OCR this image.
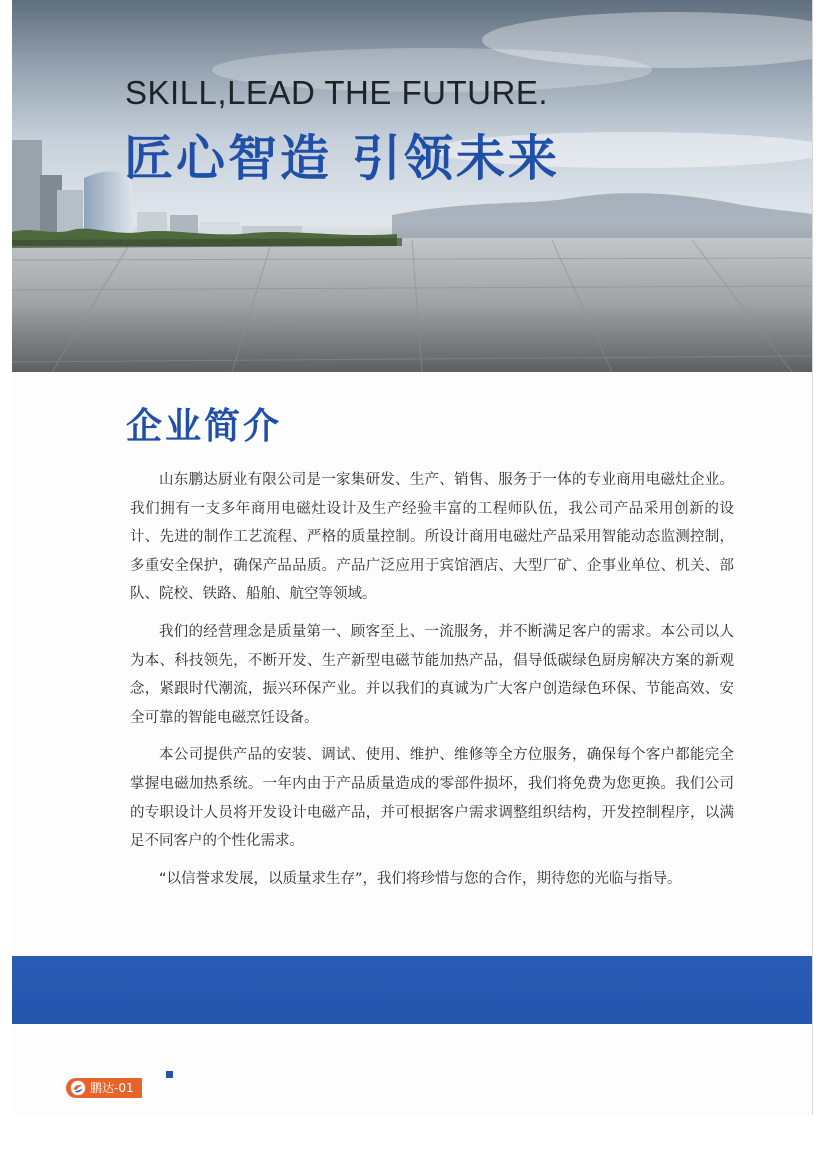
SKILL,LEAD THE FUTURE.
匠心智造 引领未来
企业简介

山东鹏达厨业有限公司是一家集研发、生产、销售、服务于一体的专业商用电磁灶企业。我们拥有一支多年商用电磁灶设计及生产经验丰富的工程师队伍，我公司产品采用创新的设计、先进的制作工艺流程、严格的质量控制。所设计商用电磁灶产品采用智能动态监测控制，多重安全保护，确保产品品质。产品广泛应用于宾馆酒店、大型厂矿、企事业单位、机关、部队、院校、铁路、船舶、航空等领域。

我们的经营理念是质量第一、顾客至上、一流服务，并不断满足客户的需求。本公司以人为本、科技领先，不断开发、生产新型电磁节能加热产品，倡导低碳绿色厨房解决方案的新观念，紧跟时代潮流，振兴环保产业。并以我们的真诚为广大客户创造绿色环保、节能高效、安全可靠的智能电磁烹饪设备。

本公司提供产品的安装、调试、使用、维护、维修等全方位服务，确保每个客户都能完全掌握电磁加热系统。一年内由于产品质量造成的零部件损坏，我们将免费为您更换。我们公司的专职设计人员将开发设计电磁产品，并可根据客户需求调整组织结构，开发控制程序，以满足不同客户的个性化需求。

“以信誉求发展，以质量求生存”，我们将珍惜与您的合作，期待您的光临与指导。

鹏达-01
